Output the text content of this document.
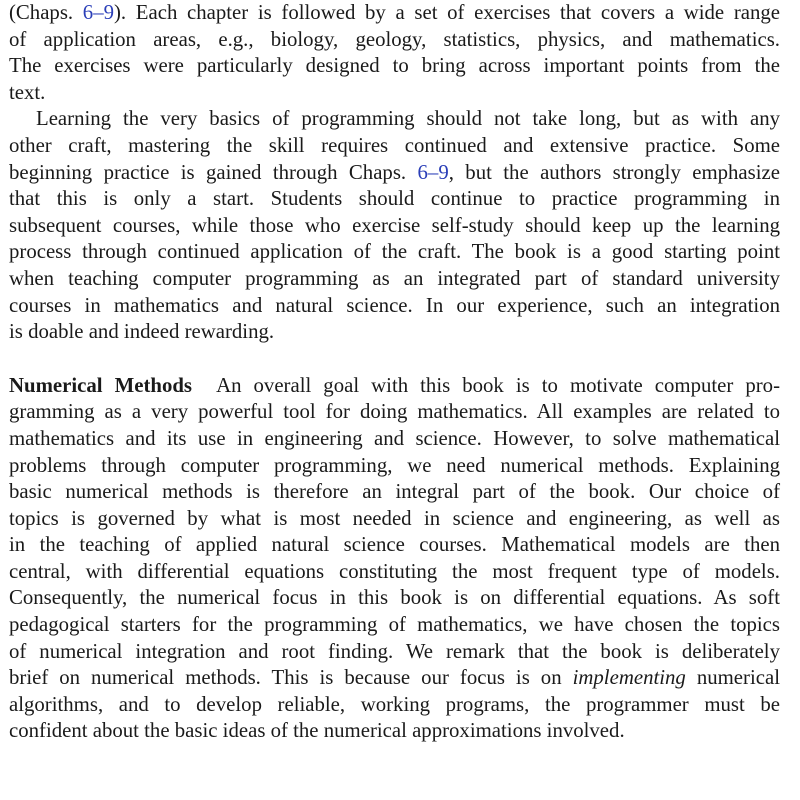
(Chaps. 6–9). Each chapter is followed by a set of exercises that covers a wide range
of application areas, e.g., biology, geology, statistics, physics, and mathematics.
The exercises were particularly designed to bring across important points from the
text.
Learning the very basics of programming should not take long, but as with any
other craft, mastering the skill requires continued and extensive practice. Some
beginning practice is gained through Chaps. 6–9, but the authors strongly emphasize
that this is only a start. Students should continue to practice programming in
subsequent courses, while those who exercise self-study should keep up the learning
process through continued application of the craft. The book is a good starting point
when teaching computer programming as an integrated part of standard university
courses in mathematics and natural science. In our experience, such an integration
is doable and indeed rewarding.
Numerical Methods An overall goal with this book is to motivate computer pro-
gramming as a very powerful tool for doing mathematics. All examples are related to
mathematics and its use in engineering and science. However, to solve mathematical
problems through computer programming, we need numerical methods. Explaining
basic numerical methods is therefore an integral part of the book. Our choice of
topics is governed by what is most needed in science and engineering, as well as
in the teaching of applied natural science courses. Mathematical models are then
central, with differential equations constituting the most frequent type of models.
Consequently, the numerical focus in this book is on differential equations. As soft
pedagogical starters for the programming of mathematics, we have chosen the topics
of numerical integration and root finding. We remark that the book is deliberately
brief on numerical methods. This is because our focus is on implementing numerical
algorithms, and to develop reliable, working programs, the programmer must be
confident about the basic ideas of the numerical approximations involved.
